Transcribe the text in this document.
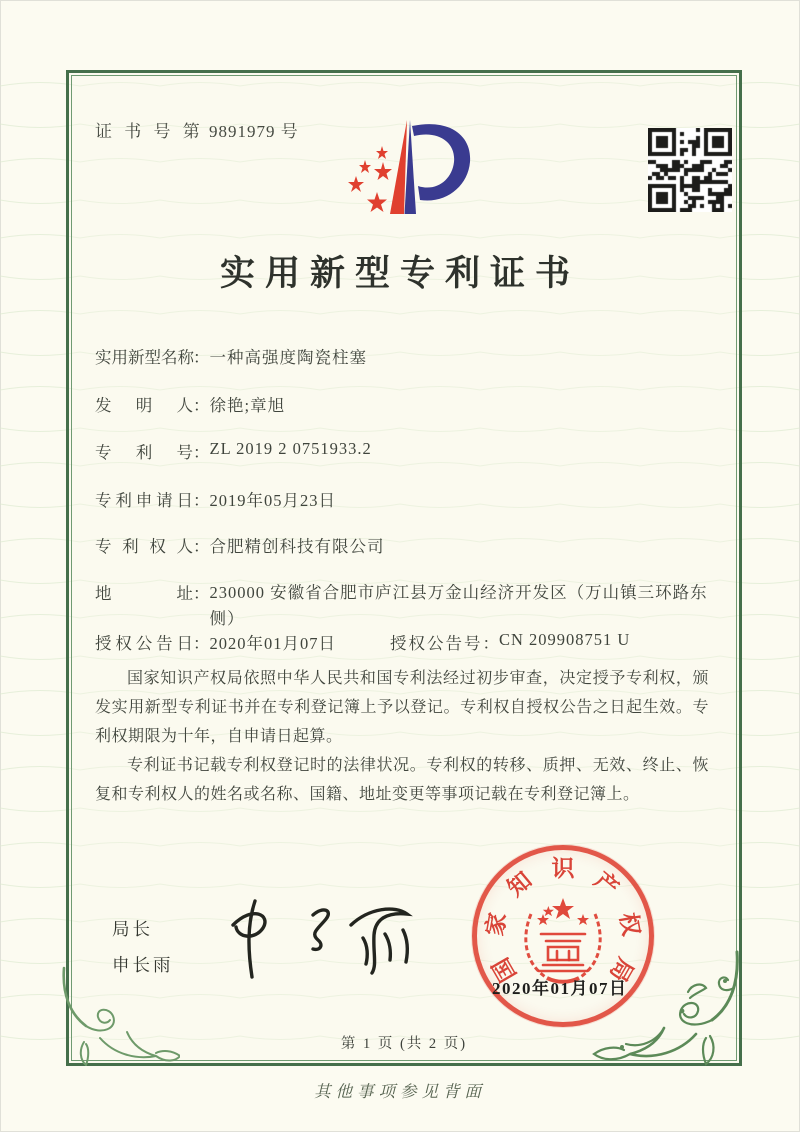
证 书 号 第 9891979 号
实用新型专利证书
实用新型名称：一种高强度陶瓷柱塞
发明人：徐艳;章旭
专利号：ZL 2019 2 0751933.2
专利申请日：2019年05月23日
专利权人：合肥精创科技有限公司
地址：230000 安徽省合肥市庐江县万金山经济开发区（万山镇三环路东侧）
授权公告日：2020年01月07日	授权公告号：CN 209908751 U

国家知识产权局依照中华人民共和国专利法经过初步审查，决定授予专利权，颁发实用新型专利证书并在专利登记簿上予以登记。专利权自授权公告之日起生效。专利权期限为十年，自申请日起算。

专利证书记载专利权登记时的法律状况。专利权的转移、质押、无效、终止、恢复和专利权人的姓名或名称、国籍、地址变更等事项记载在专利登记簿上。

局长
申长雨	国
家
知 识 产
权
局
2020年01月07日
第 1 页 (共 2 页)
其他事项参见背面
